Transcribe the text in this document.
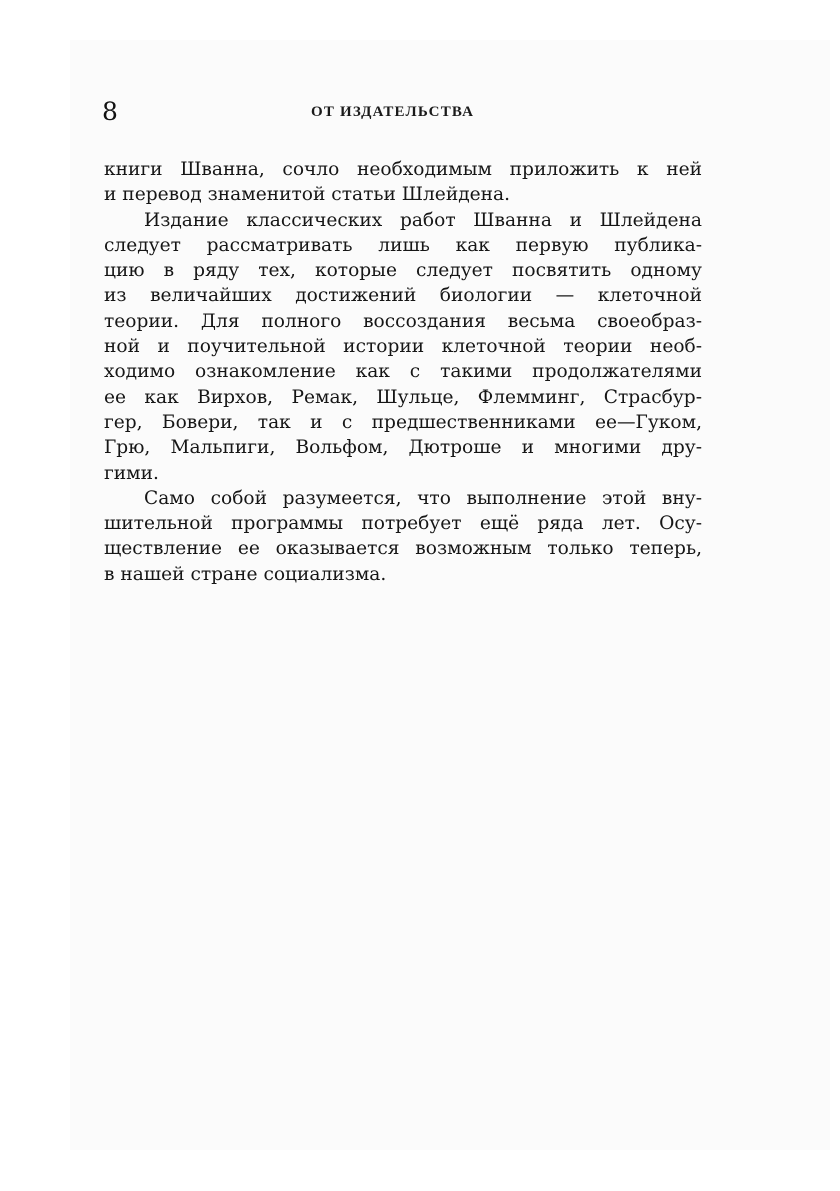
8	ОТ ИЗДАТЕЛЬСТВА
книги Шванна, сочло необходимым приложить к ней
и перевод знаменитой статьи Шлейдена.
Издание классических работ Шванна и Шлейдена
следует рассматривать лишь как первую публика-
цию в ряду тех, которые следует посвятить одному
из величайших достижений биологии — клеточной
теории. Для полного воссоздания весьма своеобраз-
ной и поучительной истории клеточной теории необ-
ходимо ознакомление как с такими продолжателями
ее как Вирхов, Ремак, Шульце, Флемминг, Страсбур-
гер, Бовери, так и с предшественниками ее—Гуком,
Грю, Мальпиги, Вольфом, Дютроше и многими дру-
гими.
Само собой разумеется, что выполнение этой вну-
шительной программы потребует ещё ряда лет. Осу-
ществление ее оказывается возможным только теперь,
в нашей стране социализма.
